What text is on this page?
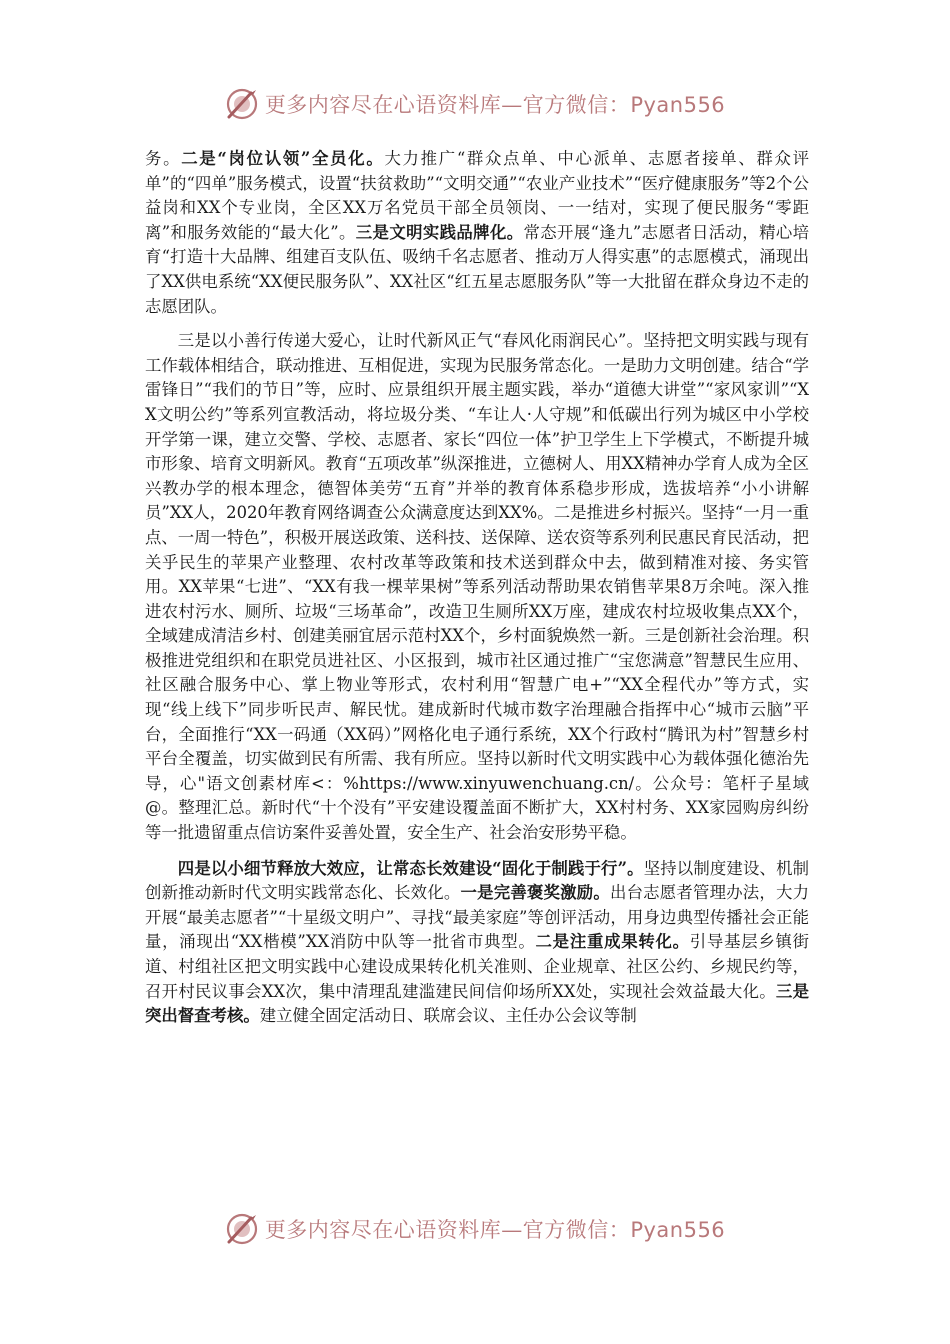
更多内容尽在心语资料库—官方微信：Pyan556

务。二是“岗位认领”全员化。大力推广“群众点单、中心派单、志愿者接单、群众评单”的“四单”服务模式，设置“扶贫救助”“文明交通”“农业产业技术”“医疗健康服务”等2个公益岗和XX个专业岗，全区XX万名党员干部全员领岗、一一结对，实现了便民服务“零距离”和服务效能的“最大化”。三是文明实践品牌化。常态开展“逢九”志愿者日活动，精心培育“打造十大品牌、组建百支队伍、吸纳千名志愿者、推动万人得实惠”的志愿模式，涌现出了XX供电系统“XX便民服务队”、XX社区“红五星志愿服务队”等一大批留在群众身边不走的志愿团队。

三是以小善行传递大爱心，让时代新风正气“春风化雨润民心”。坚持把文明实践与现有工作载体相结合，联动推进、互相促进，实现为民服务常态化。一是助力文明创建。结合“学雷锋日”“我们的节日”等，应时、应景组织开展主题实践，举办“道德大讲堂”“家风家训”“XX文明公约”等系列宣教活动，将垃圾分类、“车让人·人守规”和低碳出行列为城区中小学校开学第一课，建立交警、学校、志愿者、家长“四位一体”护卫学生上下学模式，不断提升城市形象、培育文明新风。教育“五项改革”纵深推进，立德树人、用XX精神办学育人成为全区兴教办学的根本理念，德智体美劳“五育”并举的教育体系稳步形成，选拔培养“小小讲解员”XX人，2020年教育网络调查公众满意度达到XX%。二是推进乡村振兴。坚持“一月一重点、一周一特色”，积极开展送政策、送科技、送保障、送农资等系列利民惠民育民活动，把关乎民生的苹果产业整理、农村改革等政策和技术送到群众中去，做到精准对接、务实管用。XX苹果“七进”、“XX有我一棵苹果树”等系列活动帮助果农销售苹果8万余吨。深入推进农村污水、厕所、垃圾“三场革命”，改造卫生厕所XX万座，建成农村垃圾收集点XX个，全域建成清洁乡村、创建美丽宜居示范村XX个，乡村面貌焕然一新。三是创新社会治理。积极推进党组织和在职党员进社区、小区报到，城市社区通过推广“宝您满意”智慧民生应用、社区融合服务中心、掌上物业等形式，农村利用“智慧广电+”“XX全程代办”等方式，实现“线上线下”同步听民声、解民忧。建成新时代城市数字治理融合指挥中心“城市云脑”平台，全面推行“XX一码通（XX码）”网格化电子通行系统，XX个行政村“腾讯为村”智慧乡村平台全覆盖，切实做到民有所需、我有所应。坚持以新时代文明实践中心为载体强化德治先导，心"语文创素材库<：%https://www.xinyuwenchuang.cn/。公众号：笔杆子星域@。整理汇总。新时代“十个没有”平安建设覆盖面不断扩大，XX村村务、XX家园购房纠纷等一批遗留重点信访案件妥善处置，安全生产、社会治安形势平稳。

四是以小细节释放大效应，让常态长效建设“固化于制践于行”。坚持以制度建设、机制创新推动新时代文明实践常态化、长效化。一是完善褒奖激励。出台志愿者管理办法，大力开展“最美志愿者”“十星级文明户”、寻找“最美家庭”等创评活动，用身边典型传播社会正能量，涌现出“XX楷模”XX消防中队等一批省市典型。二是注重成果转化。引导基层乡镇街道、村组社区把文明实践中心建设成果转化机关准则、企业规章、社区公约、乡规民约等，召开村民议事会XX次，集中清理乱建滥建民间信仰场所XX处，实现社会效益最大化。三是突出督查考核。建立健全固定活动日、联席会议、主任办公会议等制

更多内容尽在心语资料库—官方微信：Pyan556
